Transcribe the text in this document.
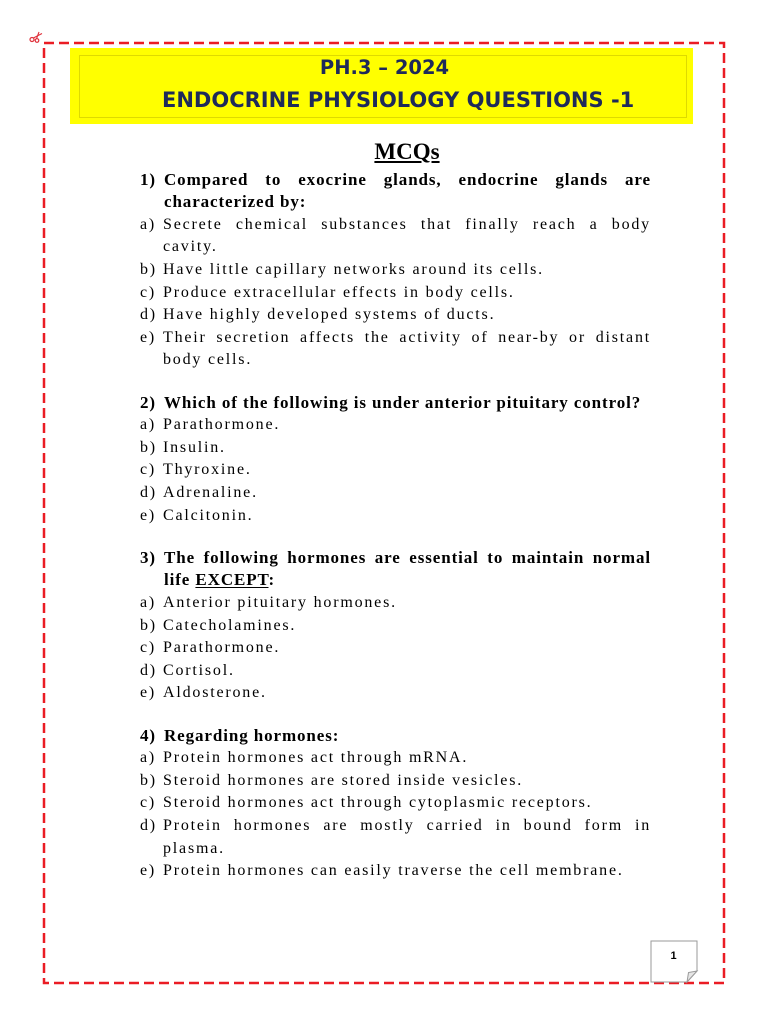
PH.3 – 2024
ENDOCRINE PHYSIOLOGY QUESTIONS -1
MCQs
1) Compared to exocrine glands, endocrine glands are characterized by:
a) Secrete chemical substances that finally reach a body cavity.
b) Have little capillary networks around its cells.
c) Produce extracellular effects in body cells.
d) Have highly developed systems of ducts.
e) Their secretion affects the activity of near-by or distant body cells.
2) Which of the following is under anterior pituitary control?
a) Parathormone.
b) Insulin.
c) Thyroxine.
d) Adrenaline.
e) Calcitonin.
3) The following hormones are essential to maintain normal life EXCEPT:
a) Anterior pituitary hormones.
b) Catecholamines.
c) Parathormone.
d) Cortisol.
e) Aldosterone.
4) Regarding hormones:
a) Protein hormones act through mRNA.
b) Steroid hormones are stored inside vesicles.
c) Steroid hormones act through cytoplasmic receptors.
d) Protein hormones are mostly carried in bound form in plasma.
e) Protein hormones can easily traverse the cell membrane.
1
